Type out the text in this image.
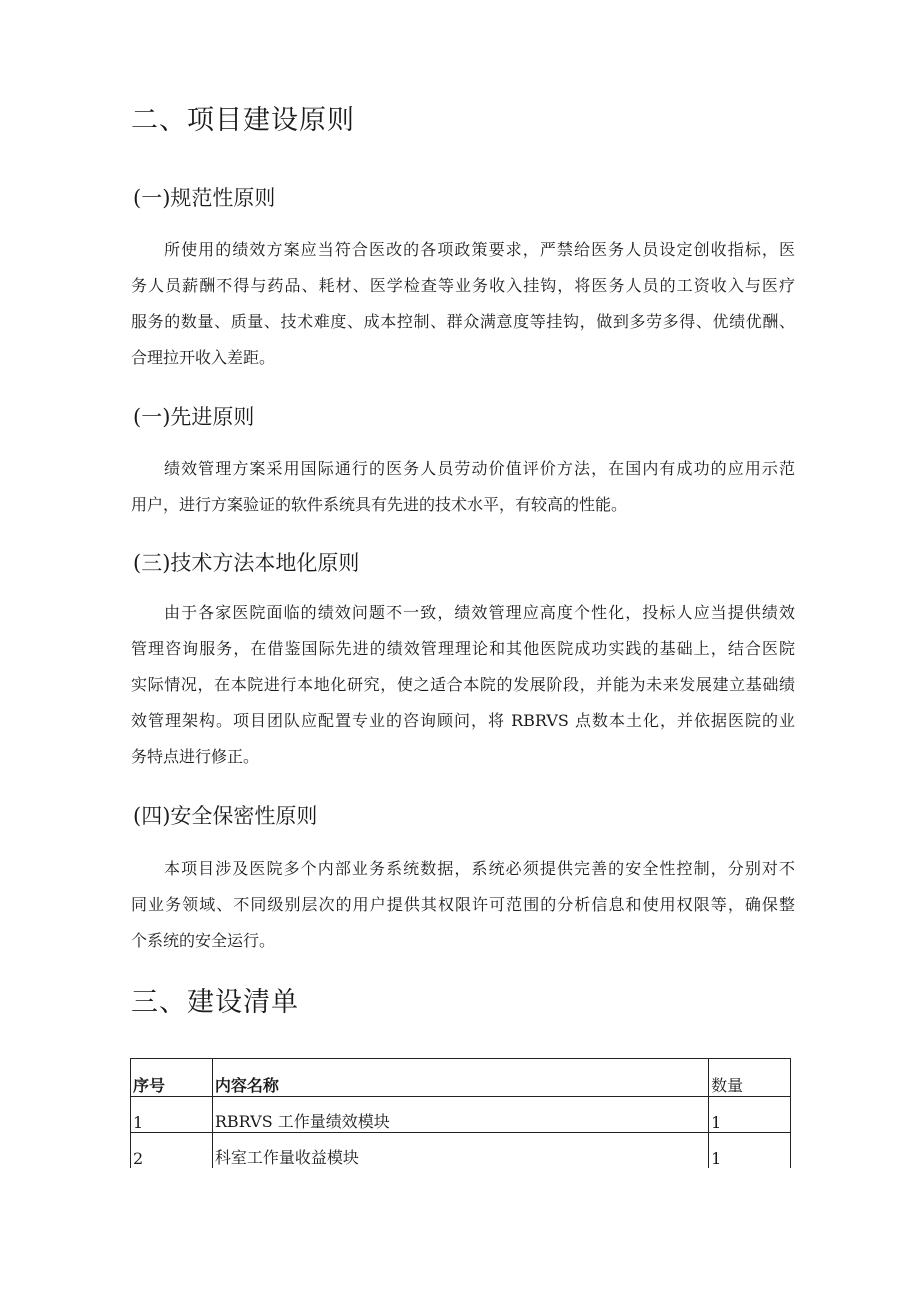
二、项目建设原则
(一)规范性原则
所使用的绩效方案应当符合医改的各项政策要求，严禁给医务人员设定创收指标，医
务人员薪酬不得与药品、耗材、医学检查等业务收入挂钩，将医务人员的工资收入与医疗
服务的数量、质量、技术难度、成本控制、群众满意度等挂钩，做到多劳多得、优绩优酬、
合理拉开收入差距。
(一)先进原则
绩效管理方案采用国际通行的医务人员劳动价值评价方法，在国内有成功的应用示范
用户，进行方案验证的软件系统具有先进的技术水平，有较高的性能。
(三)技术方法本地化原则
由于各家医院面临的绩效问题不一致，绩效管理应高度个性化，投标人应当提供绩效
管理咨询服务，在借鉴国际先进的绩效管理理论和其他医院成功实践的基础上，结合医院
实际情况，在本院进行本地化研究，使之适合本院的发展阶段，并能为未来发展建立基础绩
效管理架构。项目团队应配置专业的咨询顾问，将 RBRVS 点数本土化，并依据医院的业
务特点进行修正。
(四)安全保密性原则
本项目涉及医院多个内部业务系统数据，系统必须提供完善的安全性控制，分别对不
同业务领域、不同级别层次的用户提供其权限许可范围的分析信息和使用权限等，确保整
个系统的安全运行。
三、建设清单
序号	内容名称	数量
1	RBRVS 工作量绩效模块	1
2	科室工作量收益模块	1
